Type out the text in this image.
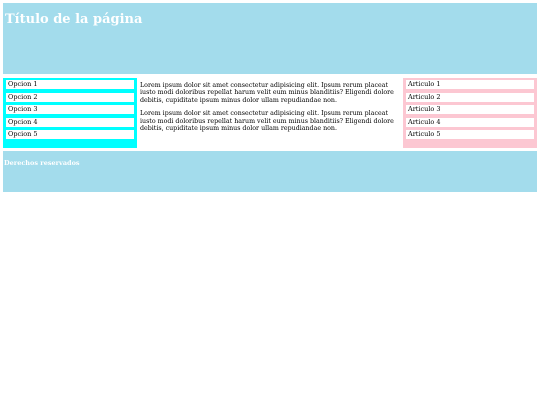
Título de la página
Opcion 1
Opcion 2
Opcion 3
Opcion 4
Opcion 5

Lorem ipsum dolor sit amet consectetur adipisicing elit. Ipsum rerum placeat iusto modi doloribus repellat harum velit eum minus blanditiis? Eligendi dolore debitis, cupiditate ipsum minus dolor ullam repudiandae non.

Lorem ipsum dolor sit amet consectetur adipisicing elit. Ipsum rerum placeat iusto modi doloribus repellat harum velit eum minus blanditiis? Eligendi dolore debitis, cupiditate ipsum minus dolor ullam repudiandae non.

Articulo 1
Articulo 2
Articulo 3
Articulo 4
Articulo 5

Derechos reservados
